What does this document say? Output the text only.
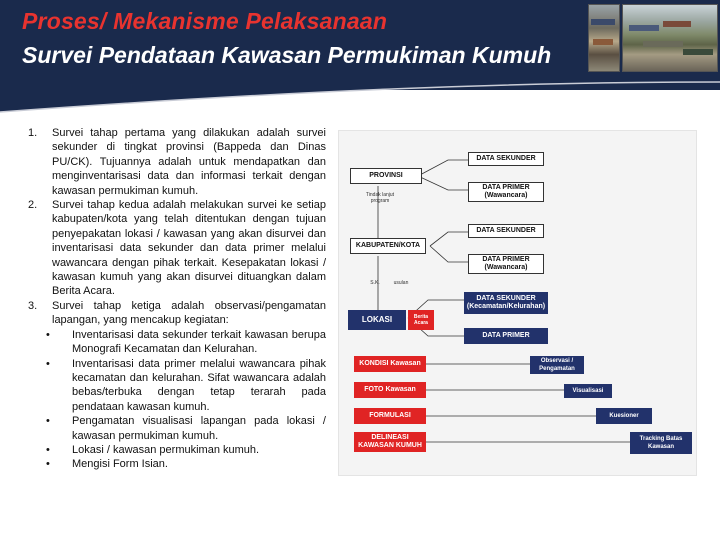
Proses/ Mekanisme Pelaksanaan
Survei Pendataan Kawasan Permukiman Kumuh
1. Survei tahap pertama yang dilakukan adalah survei sekunder di tingkat provinsi (Bappeda dan Dinas PU/CK). Tujuannya adalah untuk mendapatkan dan menginventarisasi data dan informasi terkait dengan kawasan permukiman kumuh.
2. Survei tahap kedua adalah melakukan survei ke setiap kabupaten/kota yang telah ditentukan dengan tujuan penyepakatan lokasi / kawasan yang akan disurvei dan inventarisasi data sekunder dan data primer melalui wawancara dengan pihak terkait. Kesepakatan lokasi / kawasan kumuh yang akan disurvei dituangkan dalam Berita Acara.
3. Survei tahap ketiga adalah observasi/pengamatan lapangan, yang mencakup kegiatan:
• Inventarisasi data sekunder terkait kawasan berupa Monografi Kecamatan dan Kelurahan.
• Inventarisasi data primer melalui wawancara pihak kecamatan dan kelurahan. Sifat wawancara adalah bebas/terbuka dengan tetap terarah pada pendataan kawasan kumuh.
• Pengamatan visualisasi lapangan pada lokasi / kawasan permukiman kumuh.
• Lokasi / kawasan permukiman kumuh.
• Mengisi Form Isian.
PROVINSI
Tindak lanjut program
KABUPATEN/KOTA
S.K.	usulan
LOKASI	Berita Acara
DATA SEKUNDER
DATA PRIMER (Wawancara)
DATA SEKUNDER
DATA PRIMER (Wawancara)
DATA SEKUNDER (Kecamatan/Kelurahan)
DATA PRIMER
KONDISI Kawasan
FOTO Kawasan
FORMULASI
DELINEASI KAWASAN KUMUH
Observasi / Pengamatan
Visualisasi
Kuesioner
Tracking Batas Kawasan
